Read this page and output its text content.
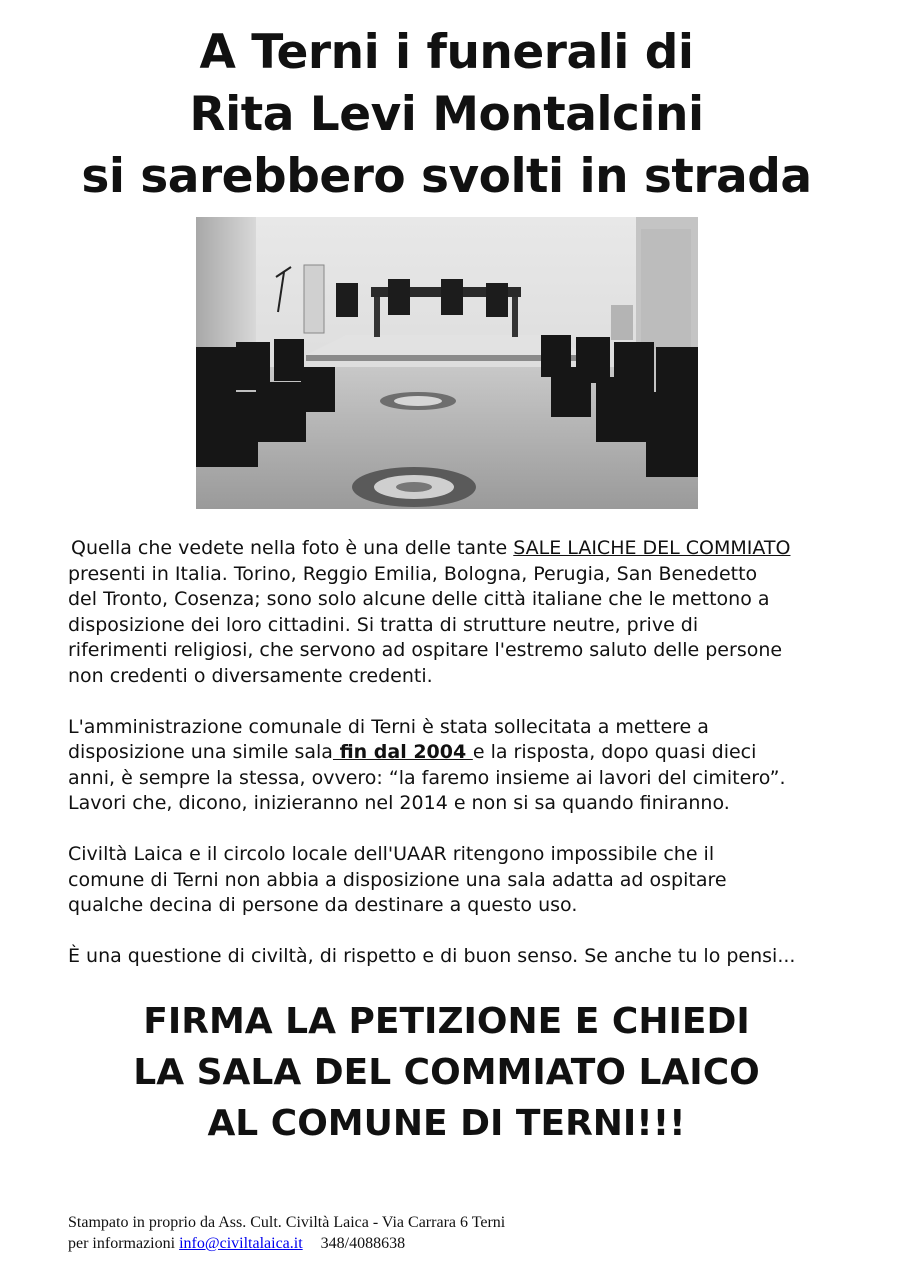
A Terni i funerali di
Rita Levi Montalcini
si sarebbero svolti in strada

Quella che vedete nella foto è una delle tante SALE LAICHE DEL COMMIATO
presenti in Italia. Torino, Reggio Emilia, Bologna, Perugia, San Benedetto
del Tronto, Cosenza; sono solo alcune delle città italiane che le mettono a
disposizione dei loro cittadini. Si tratta di strutture neutre, prive di
riferimenti religiosi, che servono ad ospitare l'estremo saluto delle persone
non credenti o diversamente credenti.

L'amministrazione comunale di Terni è stata sollecitata a mettere a
disposizione una simile sala fin dal 2004 e la risposta, dopo quasi dieci
anni, è sempre la stessa, ovvero: “la faremo insieme ai lavori del cimitero”.
Lavori che, dicono, inizieranno nel 2014 e non si sa quando finiranno.

Civiltà Laica e il circolo locale dell'UAAR ritengono impossibile che il
comune di Terni non abbia a disposizione una sala adatta ad ospitare
qualche decina di persone da destinare a questo uso.

È una questione di civiltà, di rispetto e di buon senso. Se anche tu lo pensi...

FIRMA LA PETIZIONE E CHIEDI
LA SALA DEL COMMIATO LAICO
AL COMUNE DI TERNI!!!
Stampato in proprio da Ass. Cult. Civiltà Laica - Via Carrara 6 Terni
per informazioni info@civiltalaica.it 348/4088638
